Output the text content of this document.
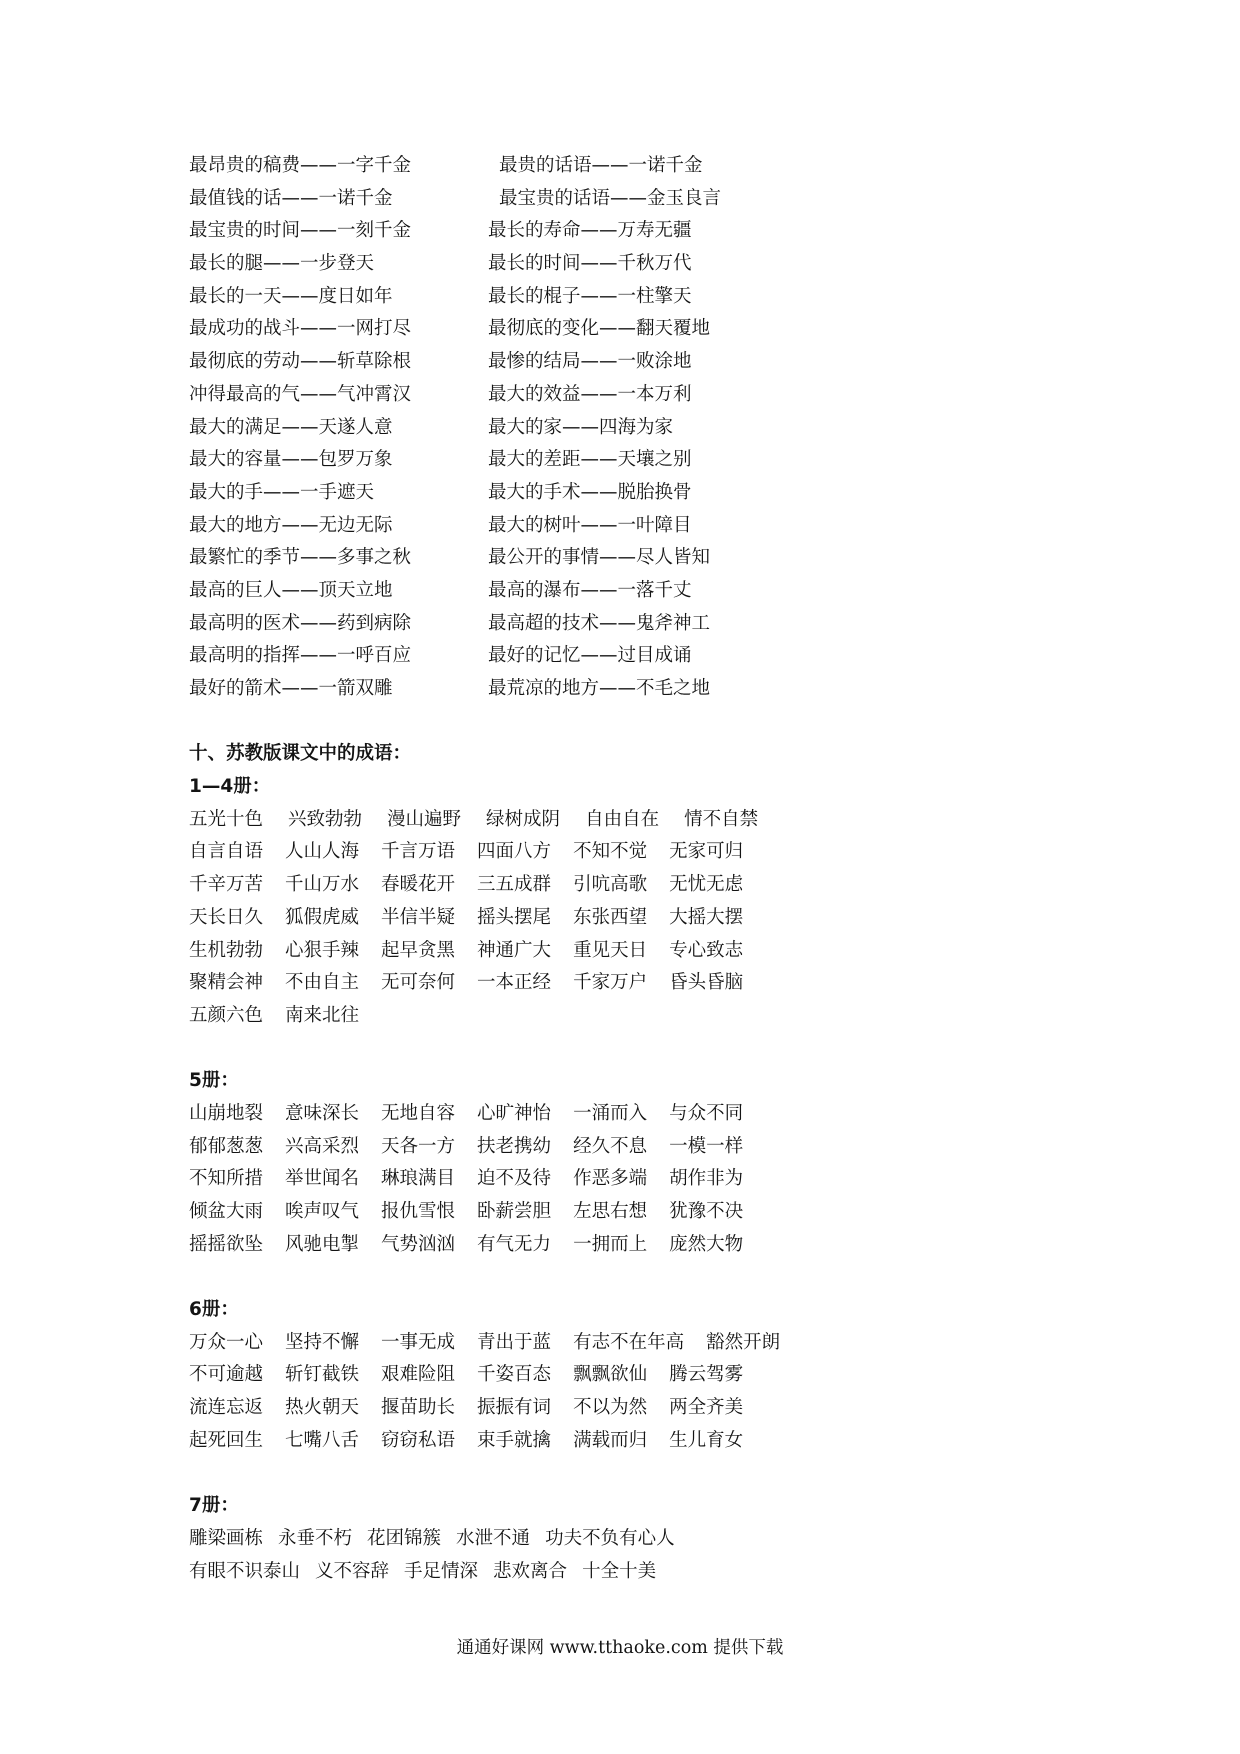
最昂贵的稿费——一字千金	最贵的话语——一诺千金
最值钱的话——一诺千金	最宝贵的话语——金玉良言
最宝贵的时间——一刻千金	最长的寿命——万寿无疆
最长的腿——一步登天	最长的时间——千秋万代
最长的一天——度日如年	最长的棍子——一柱擎天
最成功的战斗——一网打尽	最彻底的变化——翻天覆地
最彻底的劳动——斩草除根	最惨的结局——一败涂地
冲得最高的气——气冲霄汉	最大的效益——一本万利
最大的满足——天遂人意	最大的家——四海为家
最大的容量——包罗万象	最大的差距——天壤之别
最大的手——一手遮天	最大的手术——脱胎换骨
最大的地方——无边无际	最大的树叶——一叶障目
最繁忙的季节——多事之秋	最公开的事情——尽人皆知
最高的巨人——顶天立地	最高的瀑布——一落千丈
最高明的医术——药到病除	最高超的技术——鬼斧神工
最高明的指挥——一呼百应	最好的记忆——过目成诵
最好的箭术——一箭双雕	最荒凉的地方——不毛之地
十、苏教版课文中的成语：
1—4册：
五光十色 兴致勃勃 漫山遍野 绿树成阴 自由自在 情不自禁
自言自语 人山人海 千言万语 四面八方 不知不觉 无家可归
千辛万苦 千山万水 春暖花开 三五成群 引吭高歌 无忧无虑
天长日久 狐假虎威 半信半疑 摇头摆尾 东张西望 大摇大摆
生机勃勃 心狠手辣 起早贪黑 神通广大 重见天日 专心致志
聚精会神 不由自主 无可奈何 一本正经 千家万户 昏头昏脑
五颜六色 南来北往
5册：
山崩地裂 意味深长 无地自容 心旷神怡 一涌而入 与众不同
郁郁葱葱 兴高采烈 天各一方 扶老携幼 经久不息 一模一样
不知所措 举世闻名 琳琅满目 迫不及待 作恶多端 胡作非为
倾盆大雨 唉声叹气 报仇雪恨 卧薪尝胆 左思右想 犹豫不决
摇摇欲坠 风驰电掣 气势汹汹 有气无力 一拥而上 庞然大物
6册：
万众一心 坚持不懈 一事无成 青出于蓝 有志不在年高 豁然开朗
不可逾越 斩钉截铁 艰难险阻 千姿百态 飘飘欲仙 腾云驾雾
流连忘返 热火朝天 揠苗助长 振振有词 不以为然 两全齐美
起死回生 七嘴八舌 窃窃私语 束手就擒 满载而归 生儿育女
7册：
雕梁画栋 永垂不朽 花团锦簇 水泄不通 功夫不负有心人
有眼不识泰山 义不容辞 手足情深 悲欢离合 十全十美
通通好课网 www.tthaoke.com 提供下载
